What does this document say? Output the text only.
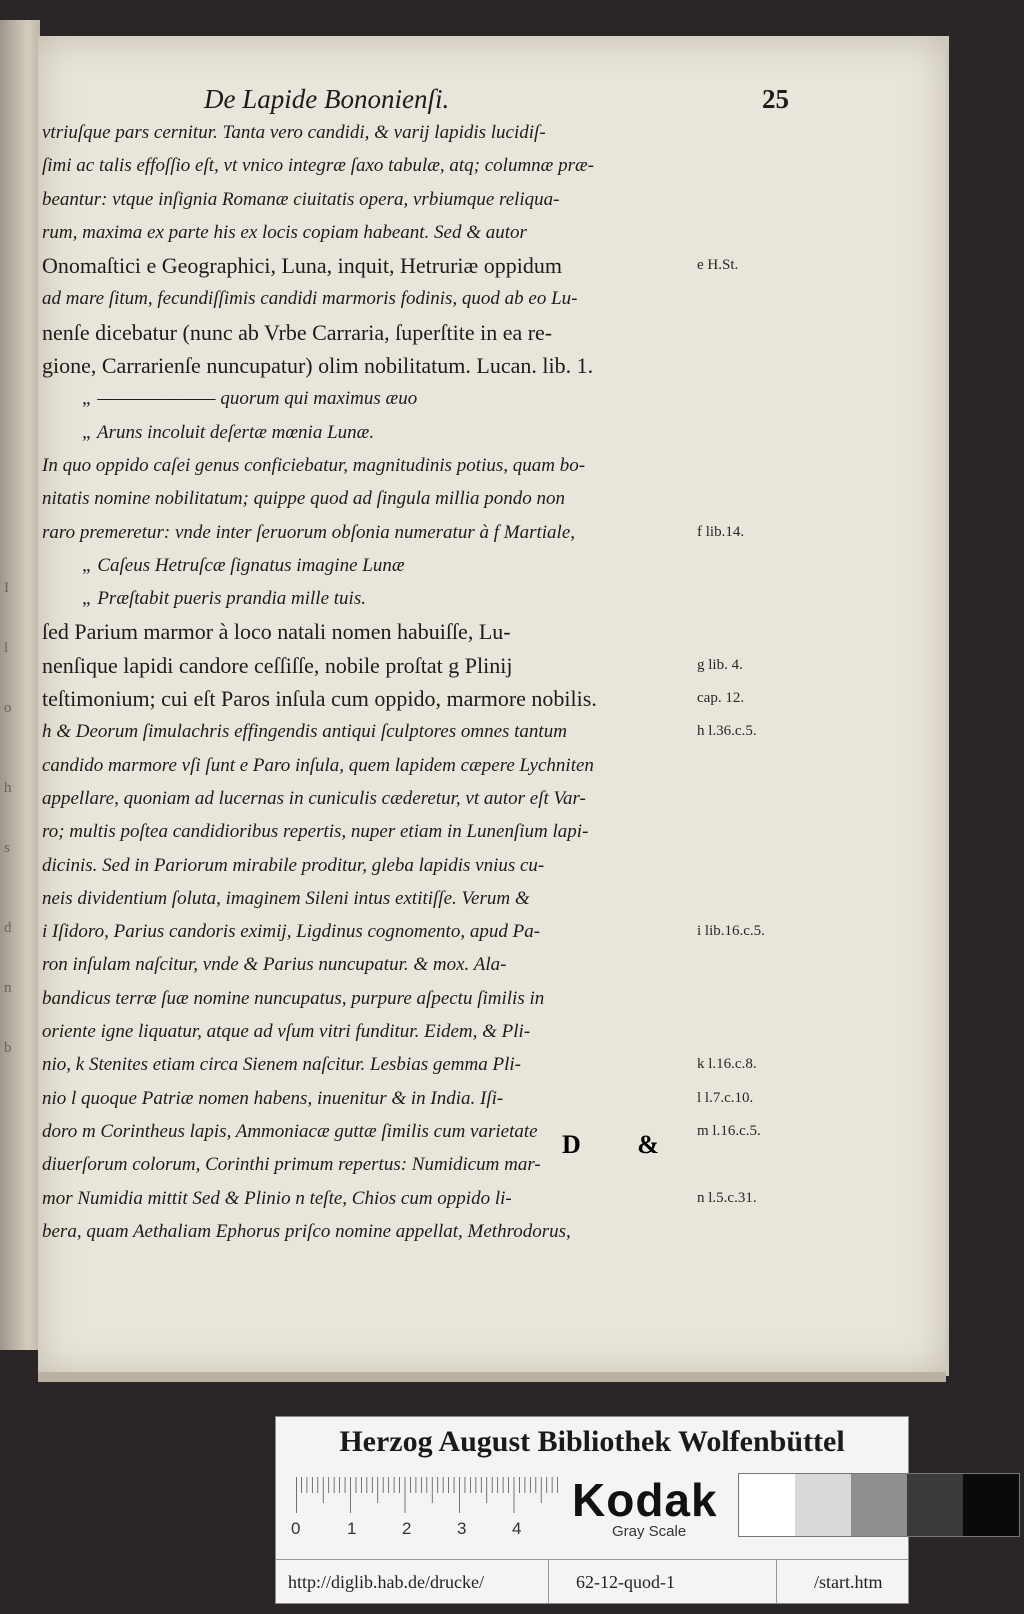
I
l
o
h
s
d
n
b
De Lapide Bononienſi.	25
vtriuſque pars cernitur. Tanta vero candidi, & varij lapidis lucidiſ-
ſimi ac talis effoſſio eſt, vt vnico integræ ſaxo tabulæ, atq; columnæ præ-
beantur: vtque inſignia Romanæ ciuitatis opera, vrbiumque reliqua-
rum, maxima ex parte his ex locis copiam habeant. Sed & autor
Onomaſtici e Geographici, Luna, inquit, Hetruriæ oppidum
ad mare ſitum, fecundiſſimis candidi marmoris fodinis, quod ab eo Lu-
nenſe dicebatur (nunc ab Vrbe Carraria, ſuperſtite in ea re-
gione, Carrarienſe nuncupatur) olim nobilitatum. Lucan. lib. 1.
„ ——————— quorum qui maximus æuo
„ Aruns incoluit deſertæ mœnia Lunæ.
In quo oppido caſei genus conficiebatur, magnitudinis potius, quam bo-
nitatis nomine nobilitatum; quippe quod ad ſingula millia pondo non
raro premeretur: vnde inter ſeruorum obſonia numeratur à f Martiale,
„ Caſeus Hetruſcæ ſignatus imagine Lunæ
„ Præſtabit pueris prandia mille tuis.
ſed Parium marmor à loco natali nomen habuiſſe, Lu-
nenſique lapidi candore ceſſiſſe, nobile proſtat g Plinij
teſtimonium; cui eſt Paros inſula cum oppido, marmore nobilis.
h & Deorum ſimulachris effingendis antiqui ſculptores omnes tantum
candido marmore vſi ſunt e Paro inſula, quem lapidem cæpere Lychniten
appellare, quoniam ad lucernas in cuniculis cæderetur, vt autor eſt Var-
ro; multis poſtea candidioribus repertis, nuper etiam in Lunenſium lapi-
dicinis. Sed in Pariorum mirabile proditur, gleba lapidis vnius cu-
neis dividentium ſoluta, imaginem Sileni intus extitiſſe. Verum &
i Iſidoro, Parius candoris eximij, Ligdinus cognomento, apud Pa-
ron inſulam naſcitur, vnde & Parius nuncupatur. & mox. Ala-
bandicus terræ ſuæ nomine nuncupatus, purpure aſpectu ſimilis in
oriente igne liquatur, atque ad vſum vitri funditur. Eidem, & Pli-
nio, k Stenites etiam circa Sienem naſcitur. Lesbias gemma Pli-
nio l quoque Patriæ nomen habens, inuenitur & in India. Iſi-
doro m Corintheus lapis, Ammoniacæ guttæ ſimilis cum varietate
diuerſorum colorum, Corinthi primum repertus: Numidicum mar-
mor Numidia mittit Sed & Plinio n teſte, Chios cum oppido li-
bera, quam Aethaliam Ephorus priſco nomine appellat, Methrodorus,
e H.St.
f lib.14.
g lib. 4.
cap. 12.
h l.36.c.5.
i lib.16.c.5.
k l.16.c.8.
l l.7.c.10.
m l.16.c.5.
n l.5.c.31.
D &
Herzog August Bibliothek Wolfenbüttel
0	1	2	3	4
Kodak
Gray Scale
http://diglib.hab.de/drucke/	62-12-quod-1	/start.htm
